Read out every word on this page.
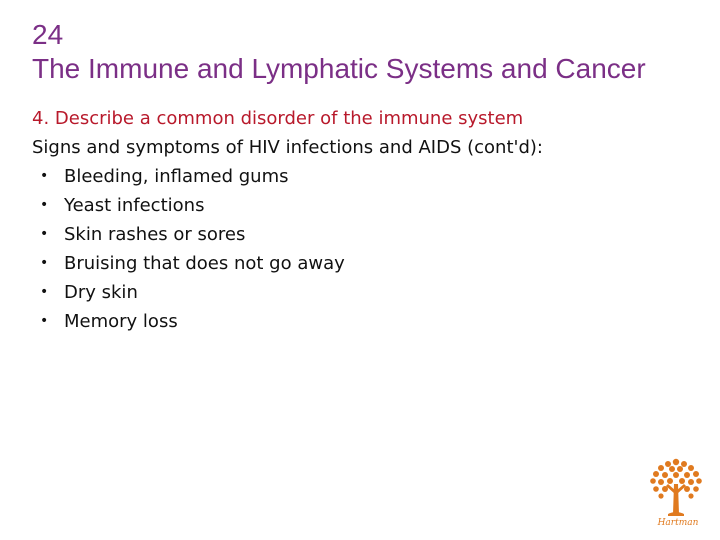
24
The Immune and Lymphatic Systems and Cancer
4. Describe a common disorder of the immune system
Signs and symptoms of HIV infections and AIDS (cont'd):
• Bleeding, inflamed gums
• Yeast infections
• Skin rashes or sores
• Bruising that does not go away
• Dry skin
• Memory loss
Hartman
